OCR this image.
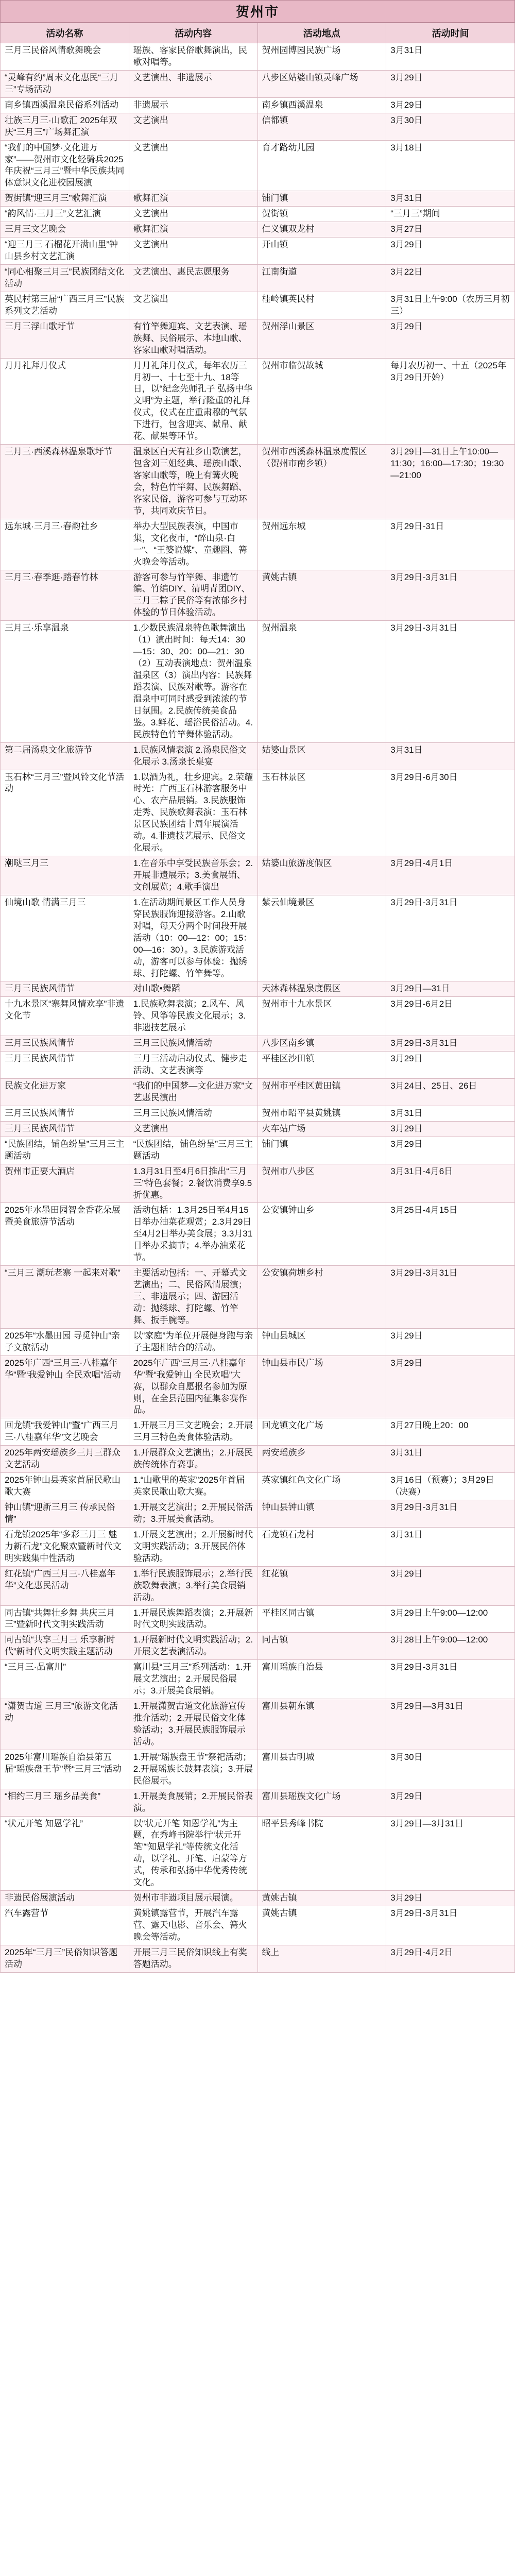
贺州市
活动名称	活动内容	活动地点	活动时间
三月三民俗风情歌舞晚会	瑶族、客家民俗歌舞演出，民歌对唱等。	贺州园博园民族广场	3月31日
“灵峰有约”周末文化惠民“三月三”专场活动	文艺演出、非遗展示	八步区姑婆山镇灵峰广场	3月29日
南乡镇西溪温泉民俗系列活动	非遗展示	南乡镇西溪温泉	3月29日
壮族三月三·山歌汇 2025年双庆“三月三”广场舞汇演	文艺演出	信都镇	3月30日
“我们的中国梦·文化进万家”——贺州市文化轻骑兵2025年庆祝“三月三”暨中华民族共同体意识文化进校园展演	文艺演出	育才路幼儿园	3月18日
贺街镇“迎三月三”歌舞汇演	歌舞汇演	铺门镇	3月31日
“韵风情·三月三”文艺汇演	文艺演出	贺街镇	“三月三”期间
三月三文艺晚会	歌舞汇演	仁义镇双龙村	3月27日
“迎三月三 石榴花开满山里”钟山县乡村文艺汇演	文艺演出	开山镇	3月29日
“同心相聚三月三”民族团结文化活动	文艺演出、惠民志愿服务	江南街道	3月22日
英民村第三届“广西三月三”民族系列文艺活动	文艺演出	桂岭镇英民村	3月31日上午9:00（农历三月初三）
三月三浮山歌圩节	有竹竿舞迎宾、文艺表演、瑶族舞、民俗展示、本地山歌、客家山歌对唱活动。	贺州浮山景区	3月29日
月月礼拜月仪式	月月礼拜月仪式，每年农历三月初一、十七至十九、18等日，以“纪念先师孔子 弘扬中华文明”为主题，举行隆重的礼拜仪式，仪式在庄重肃穆的气氛下进行，包含迎宾、献帛、献花、献果等环节。	贺州市临贺故城	每月农历初一、十五（2025年3月29日开始）
三月三·西溪森林温泉歌圩节	温泉区白天有社乡山歌演艺，包含刘三姐经典、瑶族山歌、客家山歌等，晚上有篝火晚会，特色竹竿舞、民族舞蹈、客家民俗，游客可参与互动环节，共同欢庆节日。	贺州市西溪森林温泉度假区（贺州市南乡镇）	3月29日—31日上午10:00—11:30；16:00—17:30；19:30—21:00
远东城·三月三·春韵社乡	举办大型民族表演，中国市集，文化夜市，“醉山泉·白一”、“王婆说媒”、童趣圈、篝火晚会等活动。	贺州远东城	3月29日-31日
三月三·春季逛·踏春竹林	游客可参与竹竿舞、非遗竹编、竹编DIY、清明青团DIY、三月三粽子民俗等有浓郁乡村体验的节日体验活动。	黄姚古镇	3月29日-3月31日
三月三·乐享温泉	1.少数民族温泉特色歌舞演出（1）演出时间：每天14：30—15：30、20：00—21：30（2）互动表演地点：贺州温泉温泉区（3）演出内容：民族舞蹈表演、民族对歌等。游客在温泉中可同时感受到浓浓的节日氛围。2.民族传统美食品鉴。3.鲜花、瑶浴民俗活动。4.民族特色竹竿舞体验活动。	贺州温泉	3月29日-3月31日
第二届汤泉文化旅游节	1.民族风情表演 2.汤泉民俗文化展示 3.汤泉长桌宴	姑婆山景区	3月31日
玉石林“三月三”暨风铃文化节活动	1.以酒为礼，壮乡迎宾。2.荣耀时光：广西玉石林游客服务中心、农产品展销。3.民族服饰走秀、民族歌舞表演：玉石林景区民族团结十周年展演活动。4.非遗技艺展示、民俗文化展示。	玉石林景区	3月29日-6月30日
潮哒三月三	1.在音乐中享受民族音乐会；2.开展非遗展示；3.美食展销、文创展览；4.歌手演出	姑婆山旅游度假区	3月29日-4月1日
仙境山歌 情满三月三	1.在活动期间景区工作人员身穿民族服饰迎接游客。2.山歌对唱，每天分两个时间段开展活动（10：00—12：00；15：00—16：30）。3.民族游戏活动，游客可以参与体验：抛绣球、打陀螺、竹竿舞等。	紫云仙境景区	3月29日-3月31日
三月三民族风情节	对山歌•舞蹈	天沐森林温泉度假区	3月29日—31日
十九水景区“寨舞风情欢享”非遗文化节	1.民族歌舞表演；2.风车、风铃、风筝等民族文化展示；3.非遗技艺展示	贺州市十九水景区	3月29日-6月2日
三月三民族风情节	三月三民族风情活动	八步区南乡镇	3月29日-3月31日
三月三民族风情节	三月三活动启动仪式、健步走活动、文艺表演等	平桂区沙田镇	3月29日
民族文化进万家	“我们的中国梦—文化进万家”文艺惠民演出	贺州市平桂区黄田镇	3月24日、25日、26日
三月三民族风情节	三月三民族风情活动	贺州市昭平县黄姚镇	3月31日
三月三民族风情节	文艺演出	火车站广场	3月29日
“民族团结，铺色纷呈”三月三主题活动	“民族团结，铺色纷呈”三月三主题活动	铺门镇	3月29日
贺州市正要大酒店	1.3月31日至4月6日推出“三月三”特色套餐；2.餐饮消费享9.5折优惠。	贺州市八步区	3月31日-4月6日
2025年水墨田园智金香花朵展暨美食旅游节活动	活动包括：1.3月25日至4月15日举办油菜花观赏；2.3月29日至4月2日举办美食展；3.3月31日举办采摘节；4.举办油菜花节。	公安镇钟山乡	3月25日-4月15日
“三月三 潮玩老寨 一起来对歌”	主要活动包括：一、开幕式文艺演出；二、民俗风情展演；三、非遗展示；四、游园活动：抛绣球、打陀螺、竹竿舞、扳手腕等。	公安镇荷塘乡村	3月29日-3月31日
2025年“水墨田园 寻觅钟山”亲子文旅活动	以“家庭”为单位开展健身跑与亲子主题相结合的活动。	钟山县城区	3月29日
2025年广西“三月三·八桂嘉年华”暨“我爱钟山 全民欢唱”活动	2025年广西“三月三·八桂嘉年华”暨“我爱钟山 全民欢唱”大赛，以群众自愿报名参加为原则，在全县范围内征集参赛作品。	钟山县市民广场	3月29日
回龙镇“我爱钟山”暨“广西三月三·八桂嘉年华”文艺晚会	1.开展三月三文艺晚会；2.开展三月三特色美食体验活动。	回龙镇文化广场	3月27日晚上20：00
2025年两安瑶族乡三月三群众文艺活动	1.开展群众文艺演出；2.开展民族传统体育赛事。	两安瑶族乡	3月31日
2025年钟山县英家首届民歌山歌大赛	1.“山歌里的英家”2025年首届英家民歌山歌大赛。	英家镇红色文化广场	3月16日（预赛）；3月29日（决赛）
钟山镇“迎新三月三 传承民俗情”	1.开展文艺演出；2.开展民俗活动；3.开展美食活动。	钟山县钟山镇	3月29日-3月31日
石龙镇2025年“多彩三月三 魅力新石龙”文化聚欢暨新时代文明实践集中性活动	1.开展文艺演出；2.开展新时代文明实践活动；3.开展民俗体验活动。	石龙镇石龙村	3月31日
红花镇“广西三月三·八桂嘉年华”文化惠民活动	1.举行民族服饰展示；2.举行民族歌舞表演；3.举行美食展销活动。	红花镇	3月29日
同古镇“共舞壮乡舞 共庆三月三”暨新时代文明实践活动	1.开展民族舞蹈表演；2.开展新时代文明实践活动。	平桂区同古镇	3月29日上午9:00—12:00
同古镇“共享三月三 乐享新时代”新时代文明实践主题活动	1.开展新时代文明实践活动；2.开展文艺表演活动。	同古镇	3月28日上午9:00—12:00
“三月三·品富川”	富川县“三月三”系列活动：1.开展文艺演出；2.开展民俗展示；3.开展美食展销。	富川瑶族自治县	3月29日-3月31日
“潇贺古道 三月三”旅游文化活动	1.开展潇贺古道文化旅游宣传推介活动；2.开展民俗文化体验活动；3.开展民族服饰展示活动。	富川县朝东镇	3月29日—3月31日
2025年富川瑶族自治县第五届“瑶族盘王节”暨“三月三”活动	1.开展“瑶族盘王节”祭祀活动；2.开展瑶族长鼓舞表演；3.开展民俗展示。	富川县古明城	3月30日
“相约三月三 瑶乡品美食”	1.开展美食展销；2.开展民俗表演。	富川县瑶族文化广场	3月29日
“状元开笔 知恩学礼”	以“状元开笔 知恩学礼”为主题，在秀峰书院举行“状元开笔”“知恩学礼”等传统文化活动，以学礼、开笔、启蒙等方式，传承和弘扬中华优秀传统文化。	昭平县秀峰书院	3月29日—3月31日
非遗民俗展演活动	贺州市非遗项目展示展演。	黄姚古镇	3月29日
汽车露营节	黄姚镇露营节，开展汽车露营、露天电影、音乐会、篝火晚会等活动。	黄姚古镇	3月29日-3月31日
2025年“三月三”民俗知识答题活动	开展三月三民俗知识线上有奖答题活动。	线上	3月29日-4月2日
